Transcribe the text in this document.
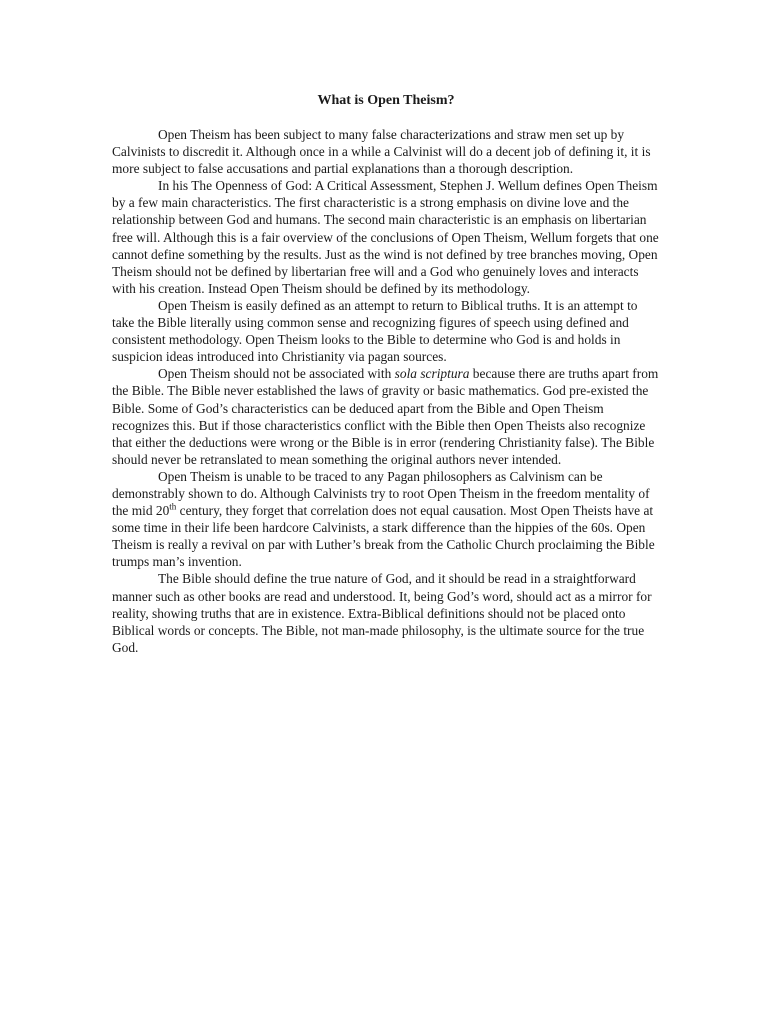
What is Open Theism?

Open Theism has been subject to many false characterizations and straw men set up by Calvinists to discredit it. Although once in a while a Calvinist will do a decent job of defining it, it is more subject to false accusations and partial explanations than a thorough description.

In his The Openness of God: A Critical Assessment, Stephen J. Wellum defines Open Theism by a few main characteristics. The first characteristic is a strong emphasis on divine love and the relationship between God and humans. The second main characteristic is an emphasis on libertarian free will. Although this is a fair overview of the conclusions of Open Theism, Wellum forgets that one cannot define something by the results. Just as the wind is not defined by tree branches moving, Open Theism should not be defined by libertarian free will and a God who genuinely loves and interacts with his creation. Instead Open Theism should be defined by its methodology.

Open Theism is easily defined as an attempt to return to Biblical truths. It is an attempt to take the Bible literally using common sense and recognizing figures of speech using defined and consistent methodology. Open Theism looks to the Bible to determine who God is and holds in suspicion ideas introduced into Christianity via pagan sources.

Open Theism should not be associated with sola scriptura because there are truths apart from the Bible. The Bible never established the laws of gravity or basic mathematics. God pre-existed the Bible. Some of God’s characteristics can be deduced apart from the Bible and Open Theism recognizes this. But if those characteristics conflict with the Bible then Open Theists also recognize that either the deductions were wrong or the Bible is in error (rendering Christianity false). The Bible should never be retranslated to mean something the original authors never intended.

Open Theism is unable to be traced to any Pagan philosophers as Calvinism can be demonstrably shown to do. Although Calvinists try to root Open Theism in the freedom mentality of the mid 20th century, they forget that correlation does not equal causation. Most Open Theists have at some time in their life been hardcore Calvinists, a stark difference than the hippies of the 60s. Open Theism is really a revival on par with Luther’s break from the Catholic Church proclaiming the Bible trumps man’s invention.

The Bible should define the true nature of God, and it should be read in a straightforward manner such as other books are read and understood. It, being God’s word, should act as a mirror for reality, showing truths that are in existence. Extra-Biblical definitions should not be placed onto Biblical words or concepts. The Bible, not man-made philosophy, is the ultimate source for the true God.
